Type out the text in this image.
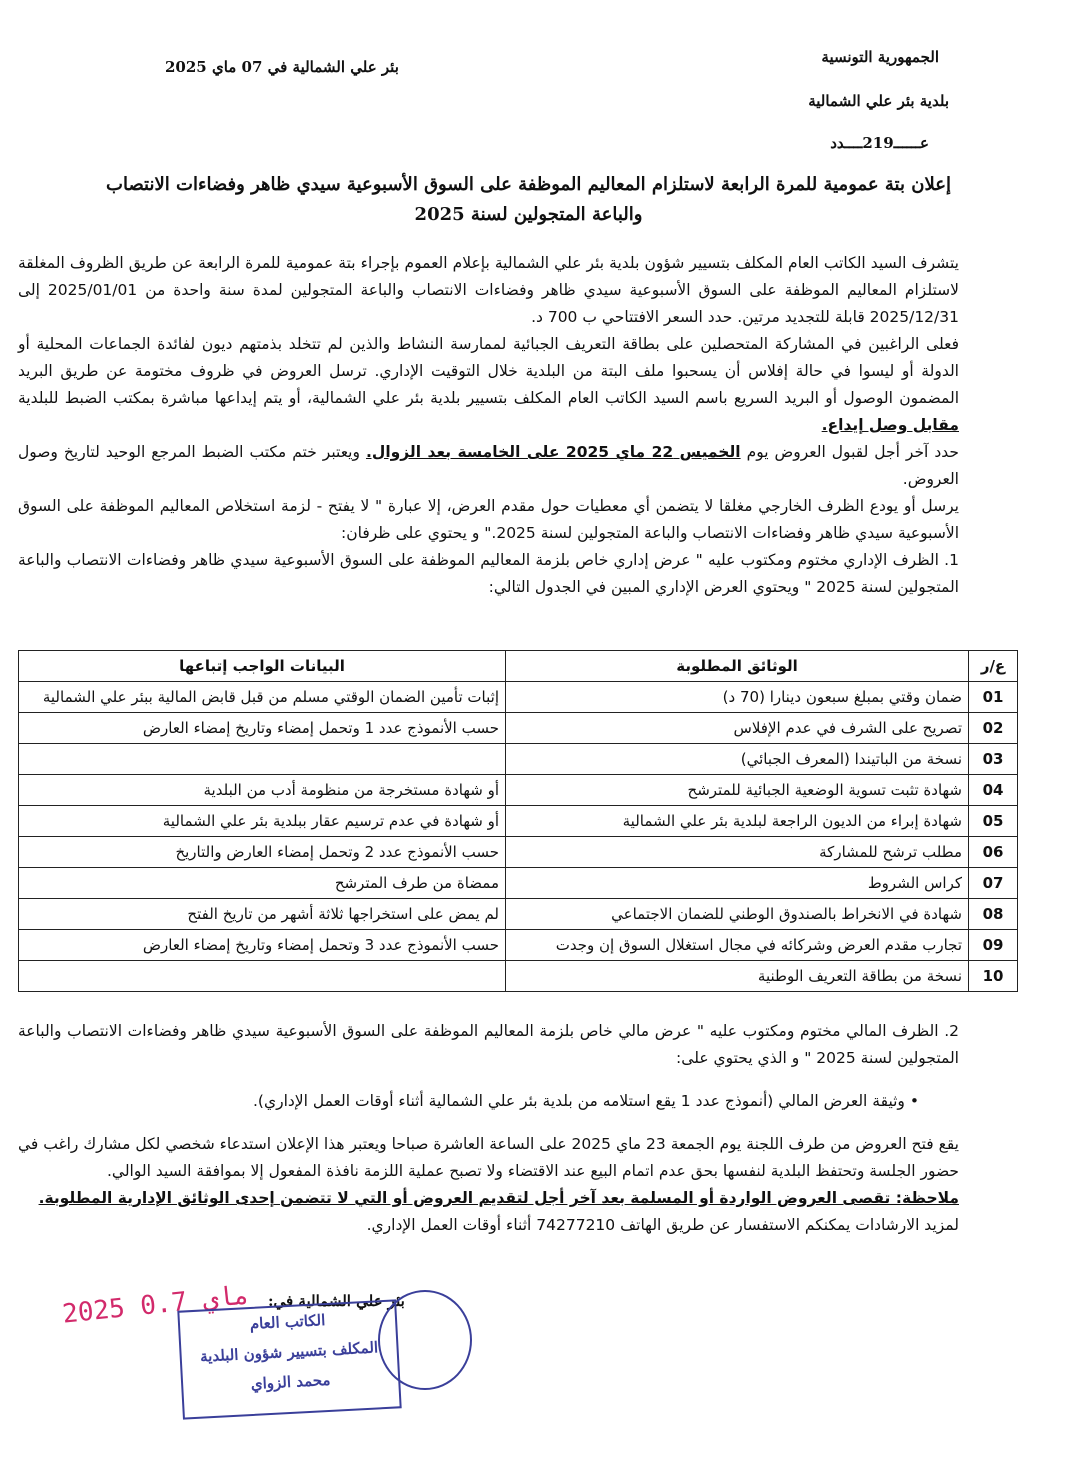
الجمهورية التونسية
بلدية بئر علي الشمالية
عــــــ219ــــدد
بئر علي الشمالية في 07 ماي 2025
إعلان بتة عمومية للمرة الرابعة لاستلزام المعاليم الموظفة على السوق الأسبوعية سيدي ظاهر وفضاءات الانتصاب
والباعة المتجولين لسنة 2025

يتشرف السيد الكاتب العام المكلف بتسيير شؤون بلدية بئر علي الشمالية بإعلام العموم بإجراء بتة عمومية للمرة الرابعة عن طريق الظروف المغلقة لاستلزام المعاليم الموظفة على السوق الأسبوعية سيدي ظاهر وفضاءات الانتصاب والباعة المتجولين لمدة سنة واحدة من 2025/01/01 إلى 2025/12/31 قابلة للتجديد مرتين. حدد السعر الافتتاحي ب 700 د.

فعلى الراغبين في المشاركة المتحصلين على بطاقة التعريف الجبائية لممارسة النشاط والذين لم تتخلد بذمتهم ديون لفائدة الجماعات المحلية أو الدولة أو ليسوا في حالة إفلاس أن يسحبوا ملف البتة من البلدية خلال التوقيت الإداري. ترسل العروض في ظروف مختومة عن طريق البريد المضمون الوصول أو البريد السريع باسم السيد الكاتب العام المكلف بتسيير بلدية بئر علي الشمالية، أو يتم إيداعها مباشرة بمكتب الضبط للبلدية مقابل وصل إيداع.

حدد آخر أجل لقبول العروض يوم الخميس 22 ماي 2025 على الخامسة بعد الزوال. ويعتبر ختم مكتب الضبط المرجع الوحيد لتاريخ وصول العروض.

يرسل أو يودع الظرف الخارجي مغلقا لا يتضمن أي معطيات حول مقدم العرض، إلا عبارة " لا يفتح - لزمة استخلاص المعاليم الموظفة على السوق الأسبوعية سيدي ظاهر وفضاءات الانتصاب والباعة المتجولين لسنة 2025." و يحتوي على ظرفان:

1. الظرف الإداري مختوم ومكتوب عليه " عرض إداري خاص بلزمة المعاليم الموظفة على السوق الأسبوعية سيدي ظاهر وفضاءات الانتصاب والباعة المتجولين لسنة 2025 " ويحتوي العرض الإداري المبين في الجدول التالي:

ع/ر	الوثائق المطلوبة	البيانات الواجب إتباعها
01	ضمان وقتي بمبلغ سبعون دينارا (70 د)	إثبات تأمين الضمان الوقتي مسلم من قبل قابض المالية ببئر علي الشمالية
02	تصريح على الشرف في عدم الإفلاس	حسب الأنموذج عدد 1 وتحمل إمضاء وتاريخ إمضاء العارض
03	نسخة من الباتيندا (المعرف الجبائي)	
04	شهادة تثبت تسوية الوضعية الجبائية للمترشح	أو شهادة مستخرجة من منظومة أدب من البلدية
05	شهادة إبراء من الديون الراجعة لبلدية بئر علي الشمالية	أو شهادة في عدم ترسيم عقار ببلدية بئر علي الشمالية
06	مطلب ترشح للمشاركة	حسب الأنموذج عدد 2 وتحمل إمضاء العارض والتاريخ
07	كراس الشروط	ممضاة من طرف المترشح
08	شهادة في الانخراط بالصندوق الوطني للضمان الاجتماعي	لم يمض على استخراجها ثلاثة أشهر من تاريخ الفتح
09	تجارب مقدم العرض وشركائه في مجال استغلال السوق إن وجدت	حسب الأنموذج عدد 3 وتحمل إمضاء وتاريخ إمضاء العارض
10	نسخة من بطاقة التعريف الوطنية	

2. الظرف المالي مختوم ومكتوب عليه " عرض مالي خاص بلزمة المعاليم الموظفة على السوق الأسبوعية سيدي ظاهر وفضاءات الانتصاب والباعة المتجولين لسنة 2025 " و الذي يحتوي على:

• وثيقة العرض المالي (أنموذج عدد 1 يقع استلامه من بلدية بئر علي الشمالية أثناء أوقات العمل الإداري).

يقع فتح العروض من طرف اللجنة يوم الجمعة 23 ماي 2025 على الساعة العاشرة صباحا ويعتبر هذا الإعلان استدعاء شخصي لكل مشارك راغب في حضور الجلسة وتحتفظ البلدية لنفسها بحق عدم اتمام البيع عند الاقتضاء ولا تصبح عملية اللزمة نافذة المفعول إلا بموافقة السيد الوالي.

ملاحظة: تقصى العروض الواردة أو المسلمة بعد آخر أجل لتقديم العروض أو التي لا تتضمن إحدى الوثائق الإدارية المطلوبة.

لمزيد الارشادات يمكنكم الاستفسار عن طريق الهاتف 74277210 أثناء أوقات العمل الإداري.

بئر علي الشمالية في:
2025 ماي 0.7
الكاتب العام
المكلف بتسيير شؤون البلدية
محمد الزواي
